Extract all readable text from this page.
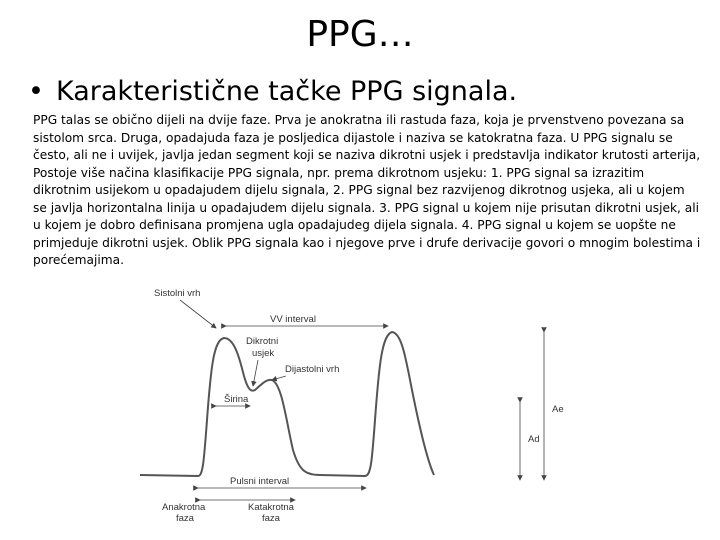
PPG…
• Karakteristične tačke PPG signala.
PPG talas se obično dijeli na dvije faze. Prva je anokratna ili rastuda faza, koja je prvenstveno povezana sa sistolom srca. Druga, opadajuda faza je posljedica dijastole i naziva se katokratna faza. U PPG signalu se često, ali ne i uvijek, javlja jedan segment koji se naziva dikrotni usjek i predstavlja indikator krutosti arterija, Postoje više načina klasifikacije PPG signala, npr. prema dikrotnom usjeku: 1. PPG signal sa izrazitim dikrotnim usijekom u opadajudem dijelu signala, 2. PPG signal bez razvijenog dikrotnog usjeka, ali u kojem se javlja horizontalna linija u opadajudem dijelu signala. 3. PPG signal u kojem nije prisutan dikrotni usjek, ali u kojem je dobro definisana promjena ugla opadajudeg dijela signala. 4. PPG signal u kojem se uopšte ne primjeduje dikrotni usjek. Oblik PPG signala kao i njegove prve i drufe derivacije govori o mnogim bolestima i porećemajima.
Sistolni vrh
VV interval
Dikrotni
usjek
Dijastolni vrh
Širina
Pulsni interval
Anakrotna
faza
Katakrotna
faza
Ae
Ad
